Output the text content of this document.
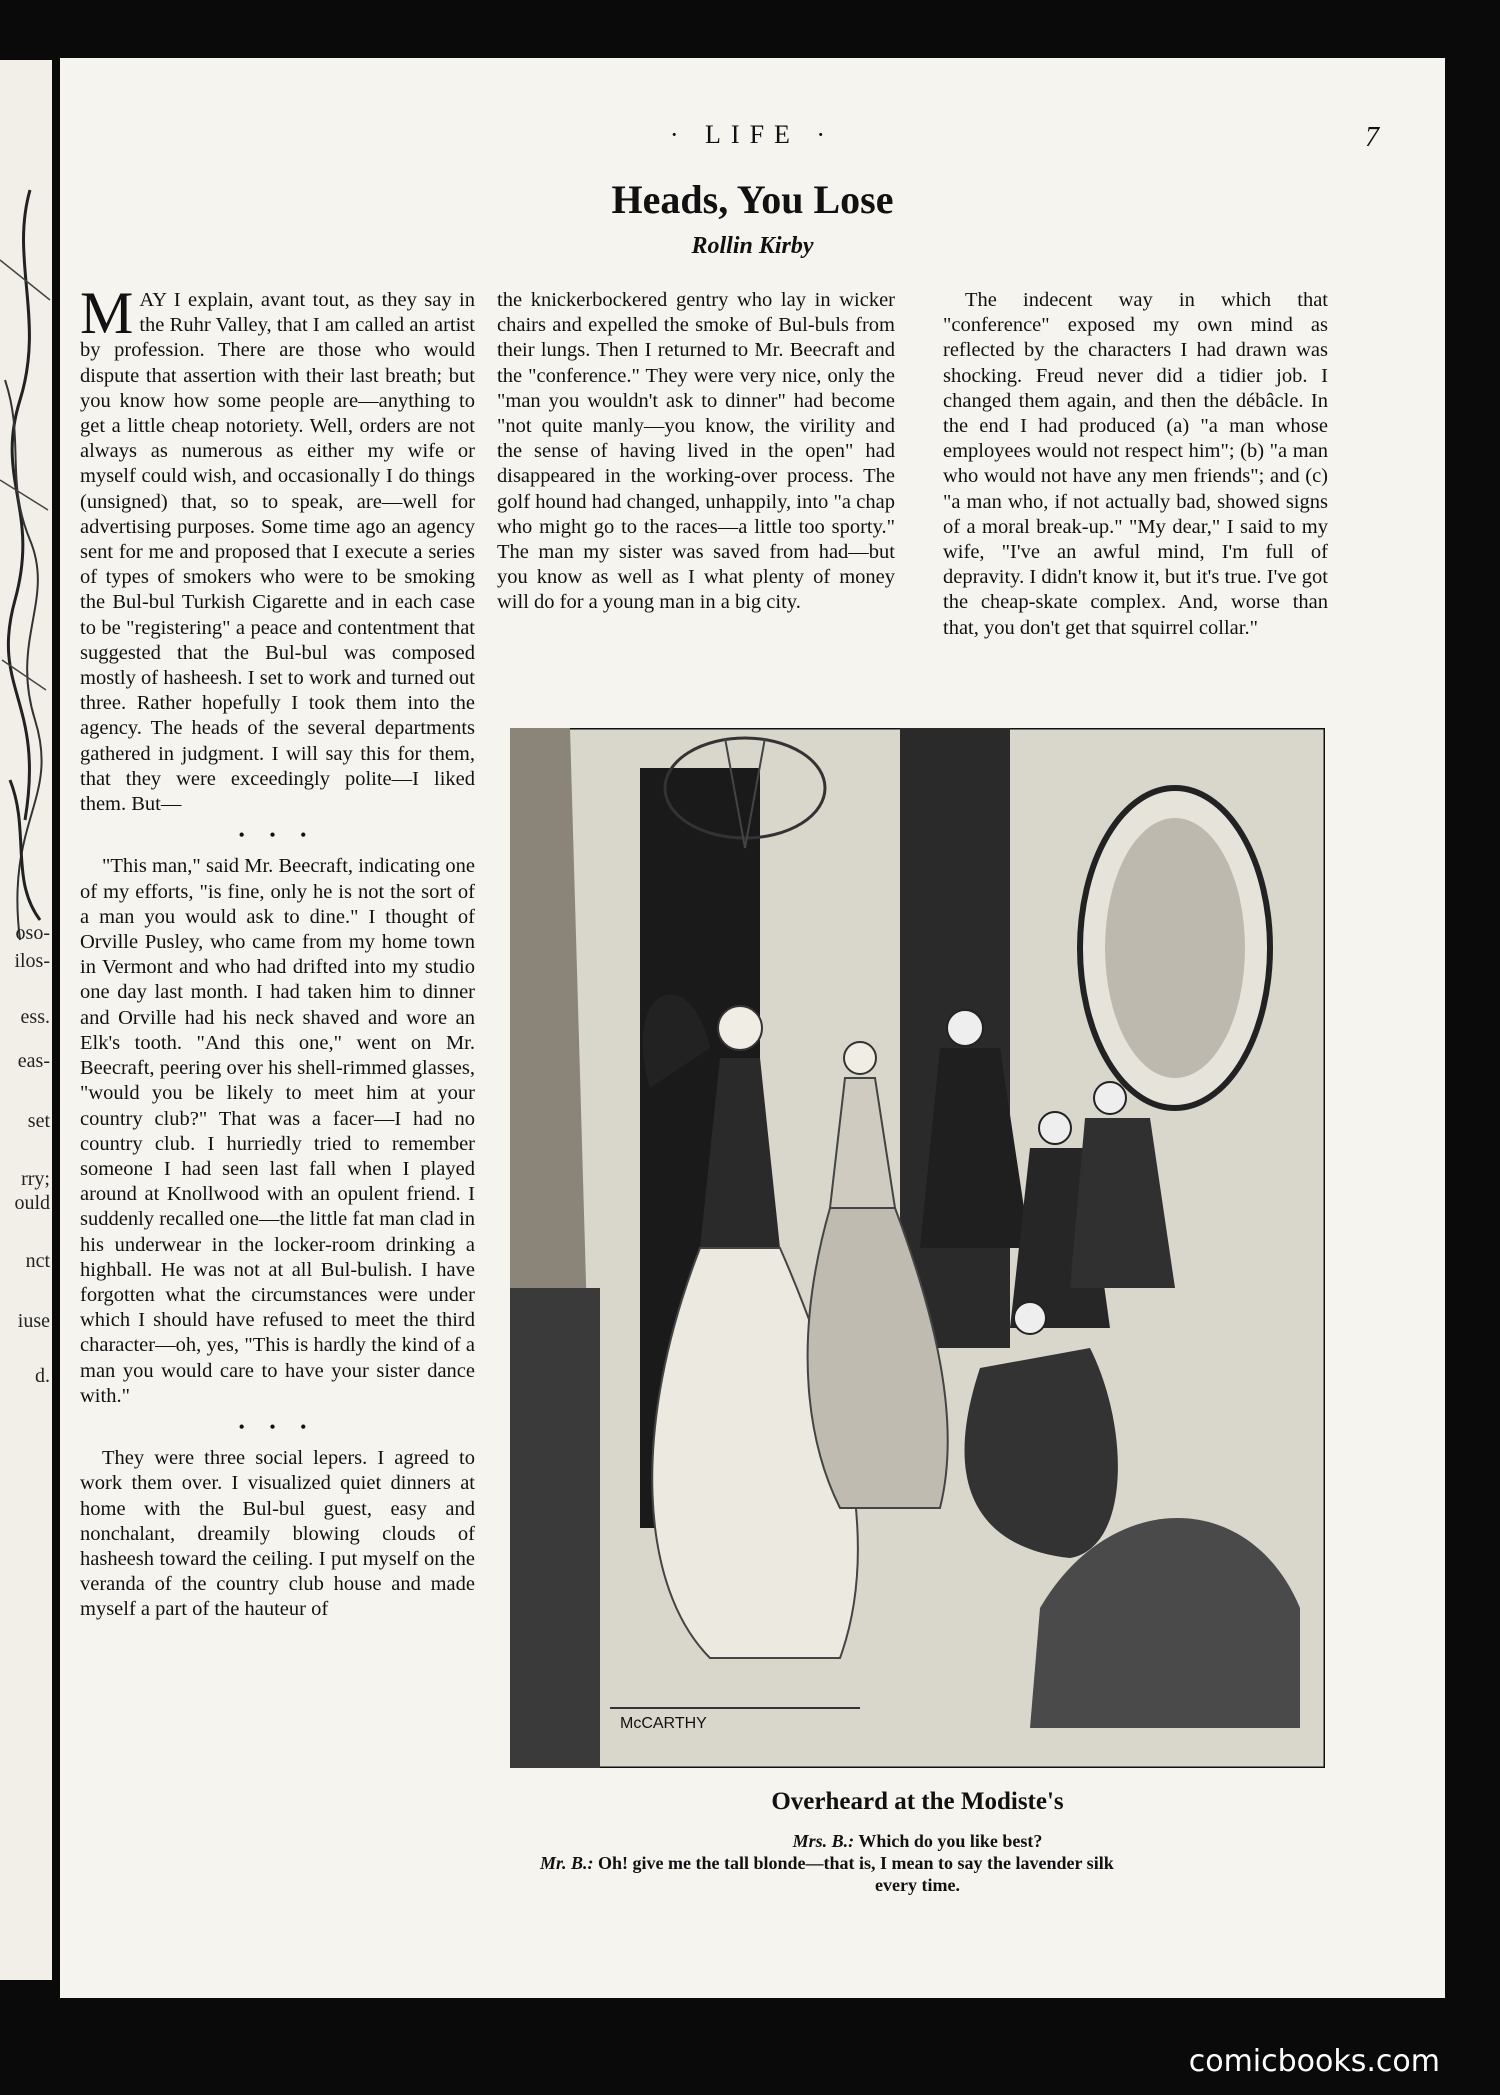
oso-
ilos-
ess.
eas-
set
rry;
ould
nct
iuse
d.
· LIFE ·	7
Heads, You Lose
Rollin Kirby

MAY I explain, avant tout, as they say in the Ruhr Valley, that I am called an artist by profession. There are those who would dispute that assertion with their last breath; but you know how some people are—anything to get a little cheap notoriety. Well, orders are not always as numerous as either my wife or myself could wish, and occasionally I do things (unsigned) that, so to speak, are—well for advertising purposes. Some time ago an agency sent for me and proposed that I execute a series of types of smokers who were to be smoking the Bul-bul Turkish Cigarette and in each case to be "registering" a peace and contentment that suggested that the Bul-bul was composed mostly of hasheesh. I set to work and turned out three. Rather hopefully I took them into the agency. The heads of the several departments gathered in judgment. I will say this for them, that they were exceedingly polite—I liked them. But—

• • •

"This man," said Mr. Beecraft, indicating one of my efforts, "is fine, only he is not the sort of a man you would ask to dine." I thought of Orville Pusley, who came from my home town in Vermont and who had drifted into my studio one day last month. I had taken him to dinner and Orville had his neck shaved and wore an Elk's tooth. "And this one," went on Mr. Beecraft, peering over his shell-rimmed glasses, "would you be likely to meet him at your country club?" That was a facer—I had no country club. I hurriedly tried to remember someone I had seen last fall when I played around at Knollwood with an opulent friend. I suddenly recalled one—the little fat man clad in his underwear in the locker-room drinking a highball. He was not at all Bul-bulish. I have forgotten what the circumstances were under which I should have refused to meet the third character—oh, yes, "This is hardly the kind of a man you would care to have your sister dance with."

• • •

They were three social lepers. I agreed to work them over. I visualized quiet dinners at home with the Bul-bul guest, easy and nonchalant, dreamily blowing clouds of hasheesh toward the ceiling. I put myself on the veranda of the country club house and made myself a part of the hauteur of

the knickerbockered gentry who lay in wicker chairs and expelled the smoke of Bul-buls from their lungs. Then I returned to Mr. Beecraft and the "conference." They were very nice, only the "man you wouldn't ask to dinner" had become "not quite manly—you know, the virility and the sense of having lived in the open" had disappeared in the working-over process. The golf hound had changed, unhappily, into "a chap who might go to the races—a little too sporty." The man my sister was saved from had—but you know as well as I what plenty of money will do for a young man in a big city.

The indecent way in which that "conference" exposed my own mind as reflected by the characters I had drawn was shocking. Freud never did a tidier job. I changed them again, and then the débâcle. In the end I had produced (a) "a man whose employees would not respect him"; (b) "a man who would not have any men friends"; and (c) "a man who, if not actually bad, showed signs of a moral break-up." "My dear," I said to my wife, "I've an awful mind, I'm full of depravity. I didn't know it, but it's true. I've got the cheap-skate complex. And, worse than that, you don't get that squirrel collar."

McCARTHY
Overheard at the Modiste's
Mrs. B.: Which do you like best?
Mr. B.: Oh! give me the tall blonde—that is, I mean to say the lavender silk
every time.
comicbooks.com
